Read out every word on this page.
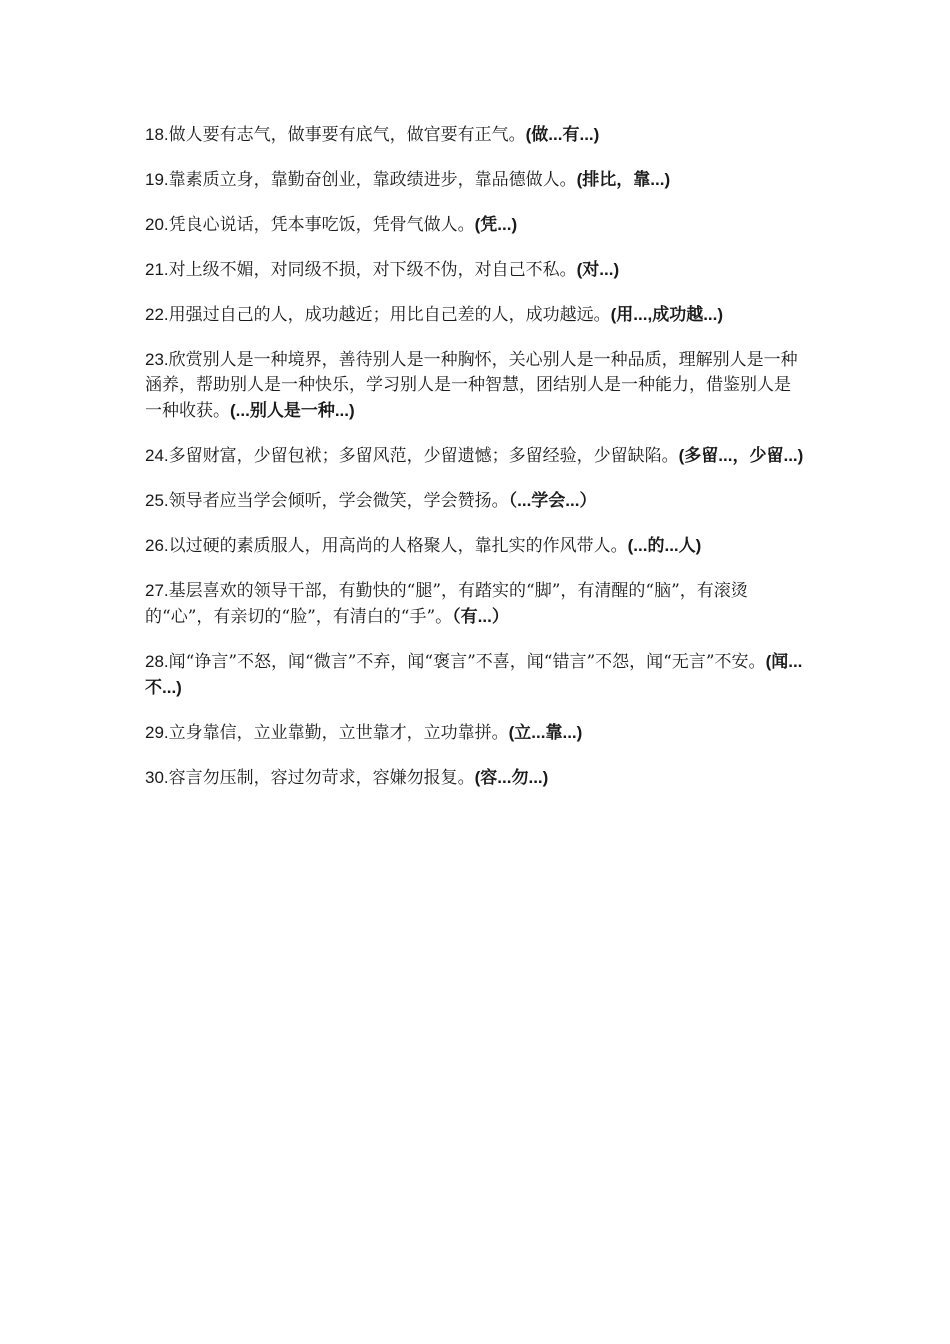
18.做人要有志气，做事要有底气，做官要有正气。(做...有...)

19.靠素质立身，靠勤奋创业，靠政绩进步，靠品德做人。(排比，靠...)

20.凭良心说话，凭本事吃饭，凭骨气做人。(凭...)

21.对上级不媚，对同级不损，对下级不伪，对自己不私。(对...)

22.用强过自己的人，成功越近；用比自己差的人，成功越远。(用...,成功越...)

23.欣赏别人是一种境界，善待别人是一种胸怀，关心别人是一种品质，理解别人是一种涵养，帮助别人是一种快乐，学习别人是一种智慧，团结别人是一种能力，借鉴别人是一种收获。(...别人是一种...)

24.多留财富，少留包袱；多留风范，少留遗憾；多留经验，少留缺陷。(多留...，少留...)

25.领导者应当学会倾听，学会微笑，学会赞扬。（...学会...）

26.以过硬的素质服人，用高尚的人格聚人，靠扎实的作风带人。(...的...人)

27.基层喜欢的领导干部，有勤快的“腿”，有踏实的“脚”，有清醒的“脑”，有滚烫的“心”，有亲切的“脸”，有清白的“手”。（有...）

28.闻“诤言”不怒，闻“微言”不弃，闻“褒言”不喜，闻“错言”不怨，闻“无言”不安。(闻...不...)

29.立身靠信，立业靠勤，立世靠才，立功靠拼。(立...靠...)

30.容言勿压制，容过勿苛求，容嫌勿报复。(容...勿...)
